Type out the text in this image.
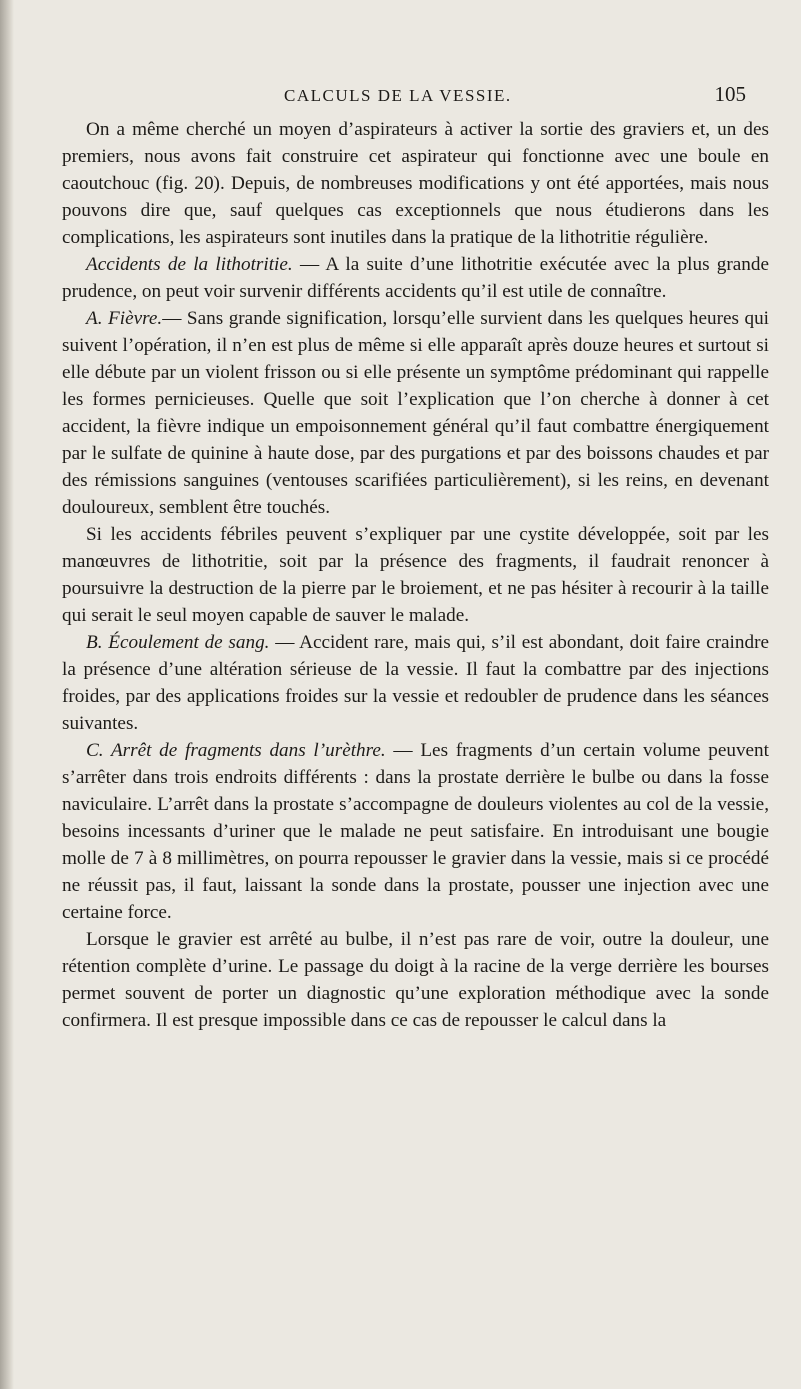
CALCULS DE LA VESSIE.	105

On a même cherché un moyen d’aspirateurs à activer la sortie des graviers et, un des premiers, nous avons fait construire cet aspirateur qui fonctionne avec une boule en caoutchouc (fig. 20). Depuis, de nombreuses modifications y ont été apportées, mais nous pouvons dire que, sauf quelques cas exceptionnels que nous étudierons dans les complications, les aspirateurs sont inutiles dans la pratique de la lithotritie régulière.

Accidents de la lithotritie. — A la suite d’une lithotritie exécutée avec la plus grande prudence, on peut voir survenir différents accidents qu’il est utile de connaître.

A. Fièvre.— Sans grande signification, lorsqu’elle survient dans les quelques heures qui suivent l’opération, il n’en est plus de même si elle apparaît après douze heures et surtout si elle débute par un violent frisson ou si elle présente un symptôme prédominant qui rappelle les formes pernicieuses. Quelle que soit l’explication que l’on cherche à donner à cet accident, la fièvre indique un empoisonnement général qu’il faut combattre énergiquement par le sulfate de quinine à haute dose, par des purgations et par des boissons chaudes et par des rémissions sanguines (ventouses scarifiées particulièrement), si les reins, en devenant douloureux, semblent être touchés.

Si les accidents fébriles peuvent s’expliquer par une cystite développée, soit par les manœuvres de lithotritie, soit par la présence des fragments, il faudrait renoncer à poursuivre la destruction de la pierre par le broiement, et ne pas hésiter à recourir à la taille qui serait le seul moyen capable de sauver le malade.

B. Écoulement de sang. — Accident rare, mais qui, s’il est abondant, doit faire craindre la présence d’une altération sérieuse de la vessie. Il faut la combattre par des injections froides, par des applications froides sur la vessie et redoubler de prudence dans les séances suivantes.

C. Arrêt de fragments dans l’urèthre. — Les fragments d’un certain volume peuvent s’arrêter dans trois endroits différents : dans la prostate derrière le bulbe ou dans la fosse naviculaire. L’arrêt dans la prostate s’accompagne de douleurs violentes au col de la vessie, besoins incessants d’uriner que le malade ne peut satisfaire. En introduisant une bougie molle de 7 à 8 millimètres, on pourra repousser le gravier dans la vessie, mais si ce procédé ne réussit pas, il faut, laissant la sonde dans la prostate, pousser une injection avec une certaine force.

Lorsque le gravier est arrêté au bulbe, il n’est pas rare de voir, outre la douleur, une rétention complète d’urine. Le passage du doigt à la racine de la verge derrière les bourses permet souvent de porter un diagnostic qu’une exploration méthodique avec la sonde confirmera. Il est presque impossible dans ce cas de repousser le calcul dans la
